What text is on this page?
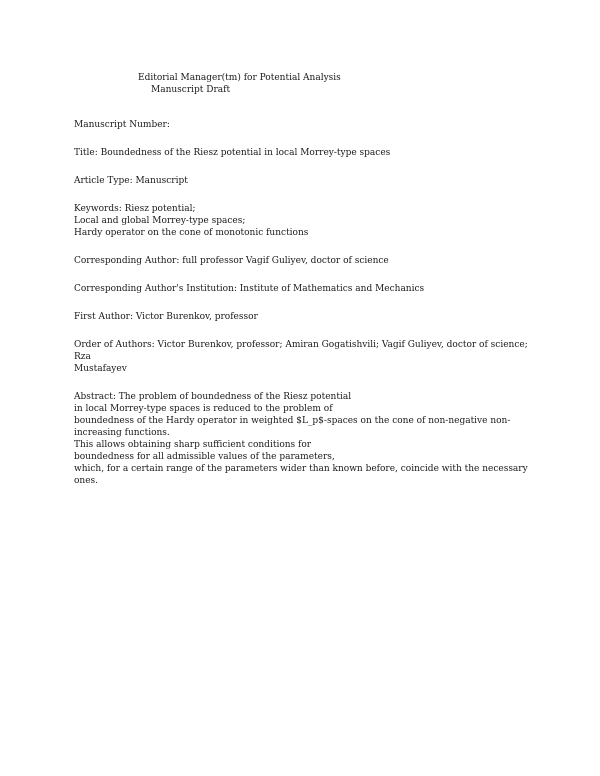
Editorial Manager(tm) for Potential Analysis
Manuscript Draft
Manuscript Number:
Title: Boundedness of the Riesz potential in local Morrey-type spaces
Article Type: Manuscript
Keywords: Riesz potential;
Local and global Morrey-type spaces;
Hardy operator on the cone of monotonic functions
Corresponding Author: full professor Vagif Guliyev, doctor of science
Corresponding Author's Institution: Institute of Mathematics and Mechanics
First Author: Victor Burenkov, professor
Order of Authors: Victor Burenkov, professor; Amiran Gogatishvili; Vagif Guliyev, doctor of science; Rza
Mustafayev
Abstract: The problem of boundedness of the Riesz potential
in local Morrey-type spaces is reduced to the problem of
boundedness of the Hardy operator in weighted $L_p$-spaces on the cone of non-negative non-
increasing functions.
This allows obtaining sharp sufficient conditions for
boundedness for all admissible values of the parameters,
which, for a certain range of the parameters wider than known before, coincide with the necessary
ones.
